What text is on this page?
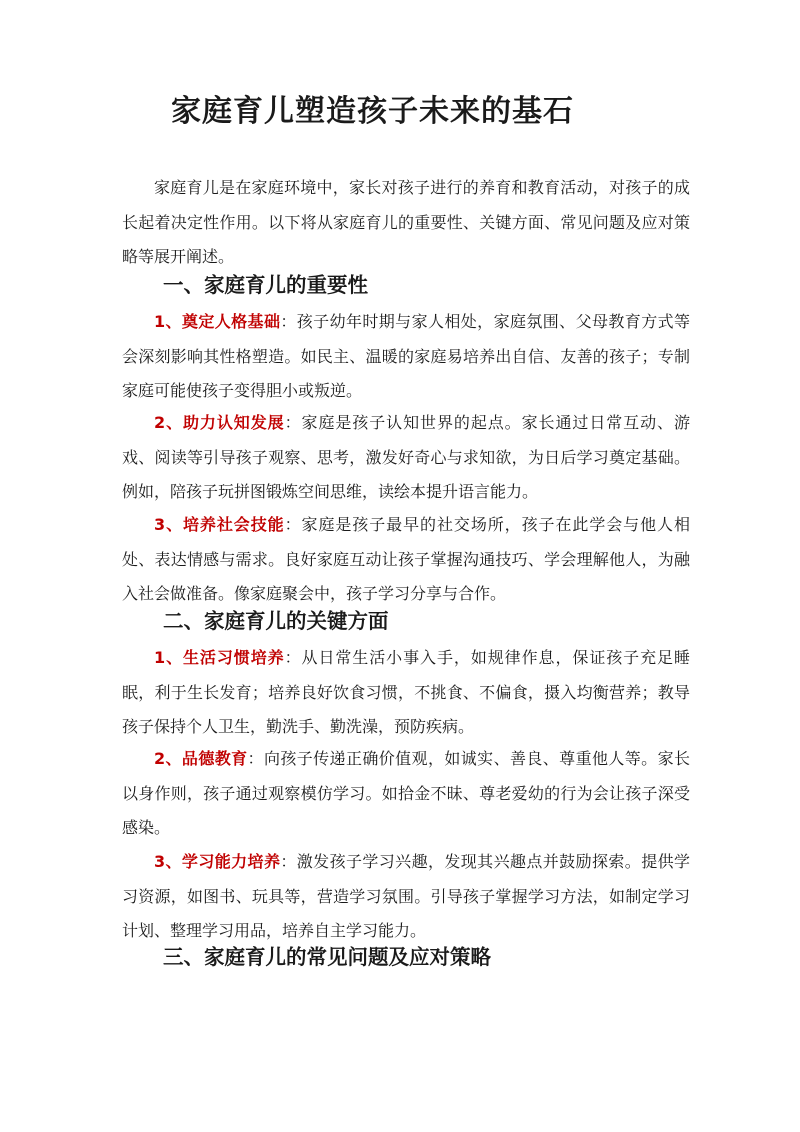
家庭育儿塑造孩子未来的基石

家庭育儿是在家庭环境中，家长对孩子进行的养育和教育活动，对孩子的成长起着决定性作用。以下将从家庭育儿的重要性、关键方面、常见问题及应对策略等展开阐述。

一、家庭育儿的重要性

1、奠定人格基础：孩子幼年时期与家人相处，家庭氛围、父母教育方式等会深刻影响其性格塑造。如民主、温暖的家庭易培养出自信、友善的孩子；专制家庭可能使孩子变得胆小或叛逆。

2、助力认知发展：家庭是孩子认知世界的起点。家长通过日常互动、游戏、阅读等引导孩子观察、思考，激发好奇心与求知欲，为日后学习奠定基础。例如，陪孩子玩拼图锻炼空间思维，读绘本提升语言能力。

3、培养社会技能：家庭是孩子最早的社交场所，孩子在此学会与他人相处、表达情感与需求。良好家庭互动让孩子掌握沟通技巧、学会理解他人，为融入社会做准备。像家庭聚会中，孩子学习分享与合作。

二、家庭育儿的关键方面

1、生活习惯培养：从日常生活小事入手，如规律作息，保证孩子充足睡眠，利于生长发育；培养良好饮食习惯，不挑食、不偏食，摄入均衡营养；教导孩子保持个人卫生，勤洗手、勤洗澡，预防疾病。

2、品德教育：向孩子传递正确价值观，如诚实、善良、尊重他人等。家长以身作则，孩子通过观察模仿学习。如拾金不昧、尊老爱幼的行为会让孩子深受感染。

3、学习能力培养：激发孩子学习兴趣，发现其兴趣点并鼓励探索。提供学习资源，如图书、玩具等，营造学习氛围。引导孩子掌握学习方法，如制定学习计划、整理学习用品，培养自主学习能力。

三、家庭育儿的常见问题及应对策略
